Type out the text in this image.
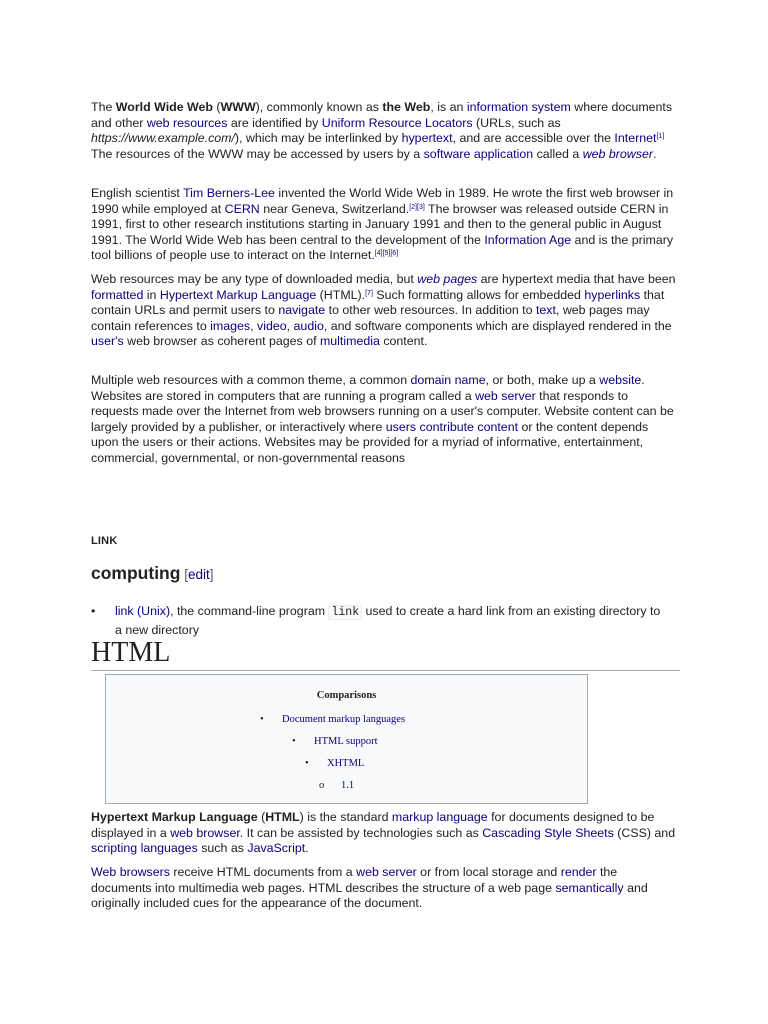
The World Wide Web (WWW), commonly known as the Web, is an information system where documents and other web resources are identified by Uniform Resource Locators (URLs, such as https://www.example.com/), which may be interlinked by hypertext, and are accessible over the Internet[1] The resources of the WWW may be accessed by users by a software application called a web browser.

English scientist Tim Berners-Lee invented the World Wide Web in 1989. He wrote the first web browser in 1990 while employed at CERN near Geneva, Switzerland.[2][3] The browser was released outside CERN in 1991, first to other research institutions starting in January 1991 and then to the general public in August 1991. The World Wide Web has been central to the development of the Information Age and is the primary tool billions of people use to interact on the Internet.[4][5][6]

Web resources may be any type of downloaded media, but web pages are hypertext media that have been formatted in Hypertext Markup Language (HTML).[7] Such formatting allows for embedded hyperlinks that contain URLs and permit users to navigate to other web resources. In addition to text, web pages may contain references to images, video, audio, and software components which are displayed rendered in the user's web browser as coherent pages of multimedia content.

Multiple web resources with a common theme, a common domain name, or both, make up a website. Websites are stored in computers that are running a program called a web server that responds to requests made over the Internet from web browsers running on a user's computer. Website content can be largely provided by a publisher, or interactively where users contribute content or the content depends upon the users or their actions. Websites may be provided for a myriad of informative, entertainment, commercial, governmental, or non-governmental reasons

LINK
computing [edit]
• link (Unix), the command-line program link used to create a hard link from an existing directory to a new directory
HTML
Comparisons
• Document markup languages
• HTML support
• XHTML
o 1.1

Hypertext Markup Language (HTML) is the standard markup language for documents designed to be displayed in a web browser. It can be assisted by technologies such as Cascading Style Sheets (CSS) and scripting languages such as JavaScript.

Web browsers receive HTML documents from a web server or from local storage and render the documents into multimedia web pages. HTML describes the structure of a web page semantically and originally included cues for the appearance of the document.
